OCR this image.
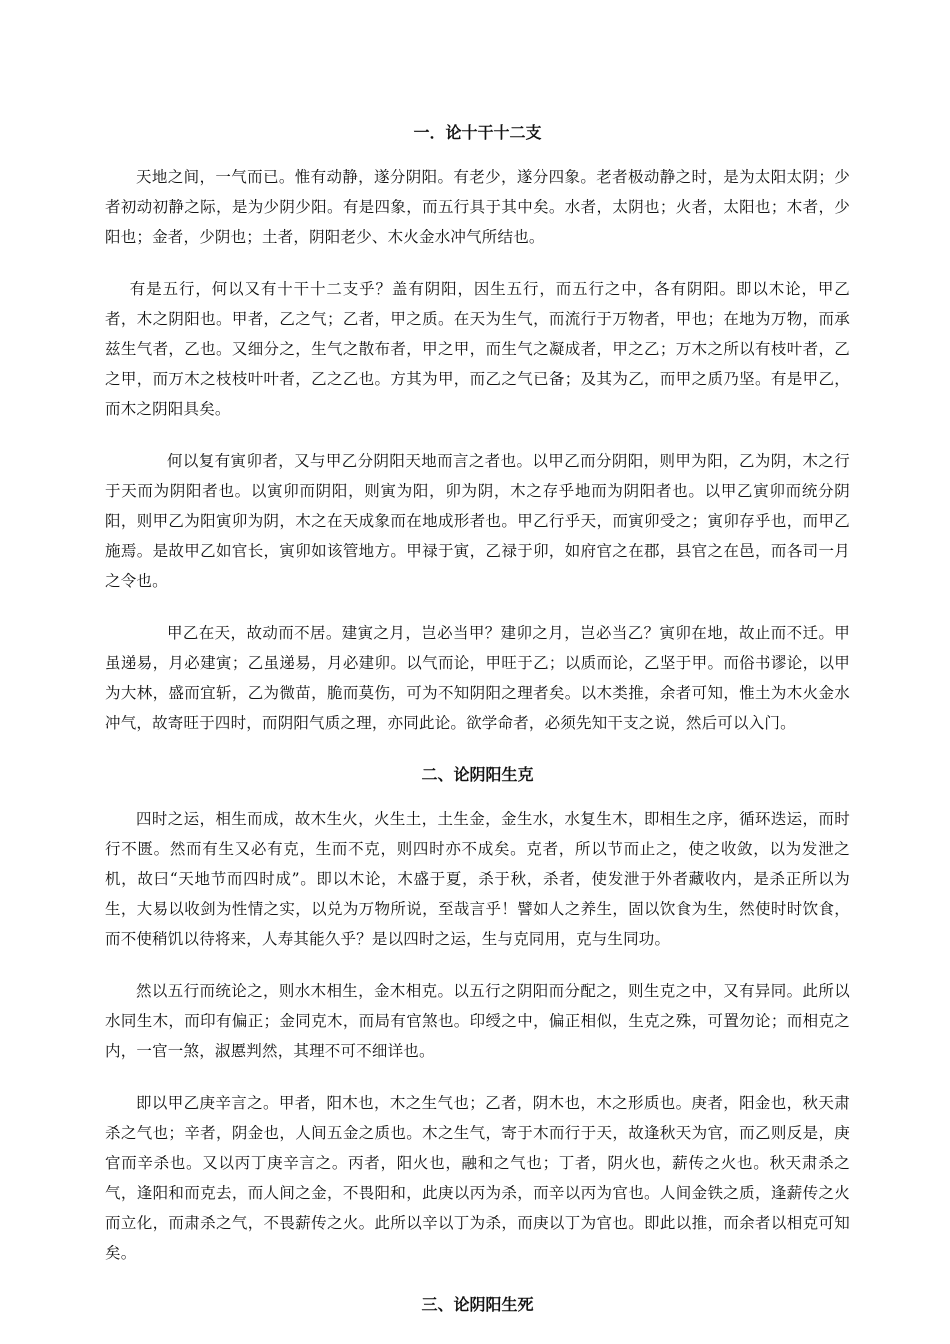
一．论十干十二支

天地之间，一气而已。惟有动静，遂分阴阳。有老少，遂分四象。老者极动静之时，是为太阳太阴；少者初动初静之际，是为少阴少阳。有是四象，而五行具于其中矣。水者，太阴也；火者，太阳也；木者，少阳也；金者，少阴也；土者，阴阳老少、木火金水冲气所结也。

有是五行，何以又有十干十二支乎？盖有阴阳，因生五行，而五行之中，各有阴阳。即以木论，甲乙者，木之阴阳也。甲者，乙之气；乙者，甲之质。在天为生气，而流行于万物者，甲也；在地为万物，而承兹生气者，乙也。又细分之，生气之散布者，甲之甲，而生气之凝成者，甲之乙；万木之所以有枝叶者，乙之甲，而万木之枝枝叶叶者，乙之乙也。方其为甲，而乙之气已备；及其为乙，而甲之质乃坚。有是甲乙，而木之阴阳具矣。

何以复有寅卯者，又与甲乙分阴阳天地而言之者也。以甲乙而分阴阳，则甲为阳，乙为阴，木之行于天而为阴阳者也。以寅卯而阴阳，则寅为阳，卯为阴，木之存乎地而为阴阳者也。以甲乙寅卯而统分阴阳，则甲乙为阳寅卯为阴，木之在天成象而在地成形者也。甲乙行乎天，而寅卯受之；寅卯存乎也，而甲乙施焉。是故甲乙如官长，寅卯如该管地方。甲禄于寅，乙禄于卯，如府官之在郡，县官之在邑，而各司一月之令也。

甲乙在天，故动而不居。建寅之月，岂必当甲？建卯之月，岂必当乙？寅卯在地，故止而不迁。甲虽递易，月必建寅；乙虽递易，月必建卯。以气而论，甲旺于乙；以质而论，乙坚于甲。而俗书谬论，以甲为大林，盛而宜斩，乙为微苗，脆而莫伤，可为不知阴阳之理者矣。以木类推，余者可知，惟土为木火金水冲气，故寄旺于四时，而阴阳气质之理，亦同此论。欲学命者，必须先知干支之说，然后可以入门。

二、论阴阳生克

四时之运，相生而成，故木生火，火生土，土生金，金生水，水复生木，即相生之序，循环迭运，而时行不匮。然而有生又必有克，生而不克，则四时亦不成矣。克者，所以节而止之，使之收敛，以为发泄之机，故曰“天地节而四时成”。即以木论，木盛于夏，杀于秋，杀者，使发泄于外者藏收内，是杀正所以为生，大易以收剑为性情之实，以兑为万物所说，至哉言乎！譬如人之养生，固以饮食为生，然使时时饮食，而不使稍饥以待将来，人寿其能久乎？是以四时之运，生与克同用，克与生同功。

然以五行而统论之，则水木相生，金木相克。以五行之阴阳而分配之，则生克之中，又有异同。此所以水同生木，而印有偏正；金同克木，而局有官煞也。印绶之中，偏正相似，生克之殊，可置勿论；而相克之内，一官一煞，淑慝判然，其理不可不细详也。

即以甲乙庚辛言之。甲者，阳木也，木之生气也；乙者，阴木也，木之形质也。庚者，阳金也，秋天肃杀之气也；辛者，阴金也，人间五金之质也。木之生气，寄于木而行于天，故逢秋天为官，而乙则反是，庚官而辛杀也。又以丙丁庚辛言之。丙者，阳火也，融和之气也；丁者，阴火也，薪传之火也。秋天肃杀之气，逢阳和而克去，而人间之金，不畏阳和，此庚以丙为杀，而辛以丙为官也。人间金铁之质，逢薪传之火而立化，而肃杀之气，不畏薪传之火。此所以辛以丁为杀，而庚以丁为官也。即此以推，而余者以相克可知矣。

三、论阴阳生死
